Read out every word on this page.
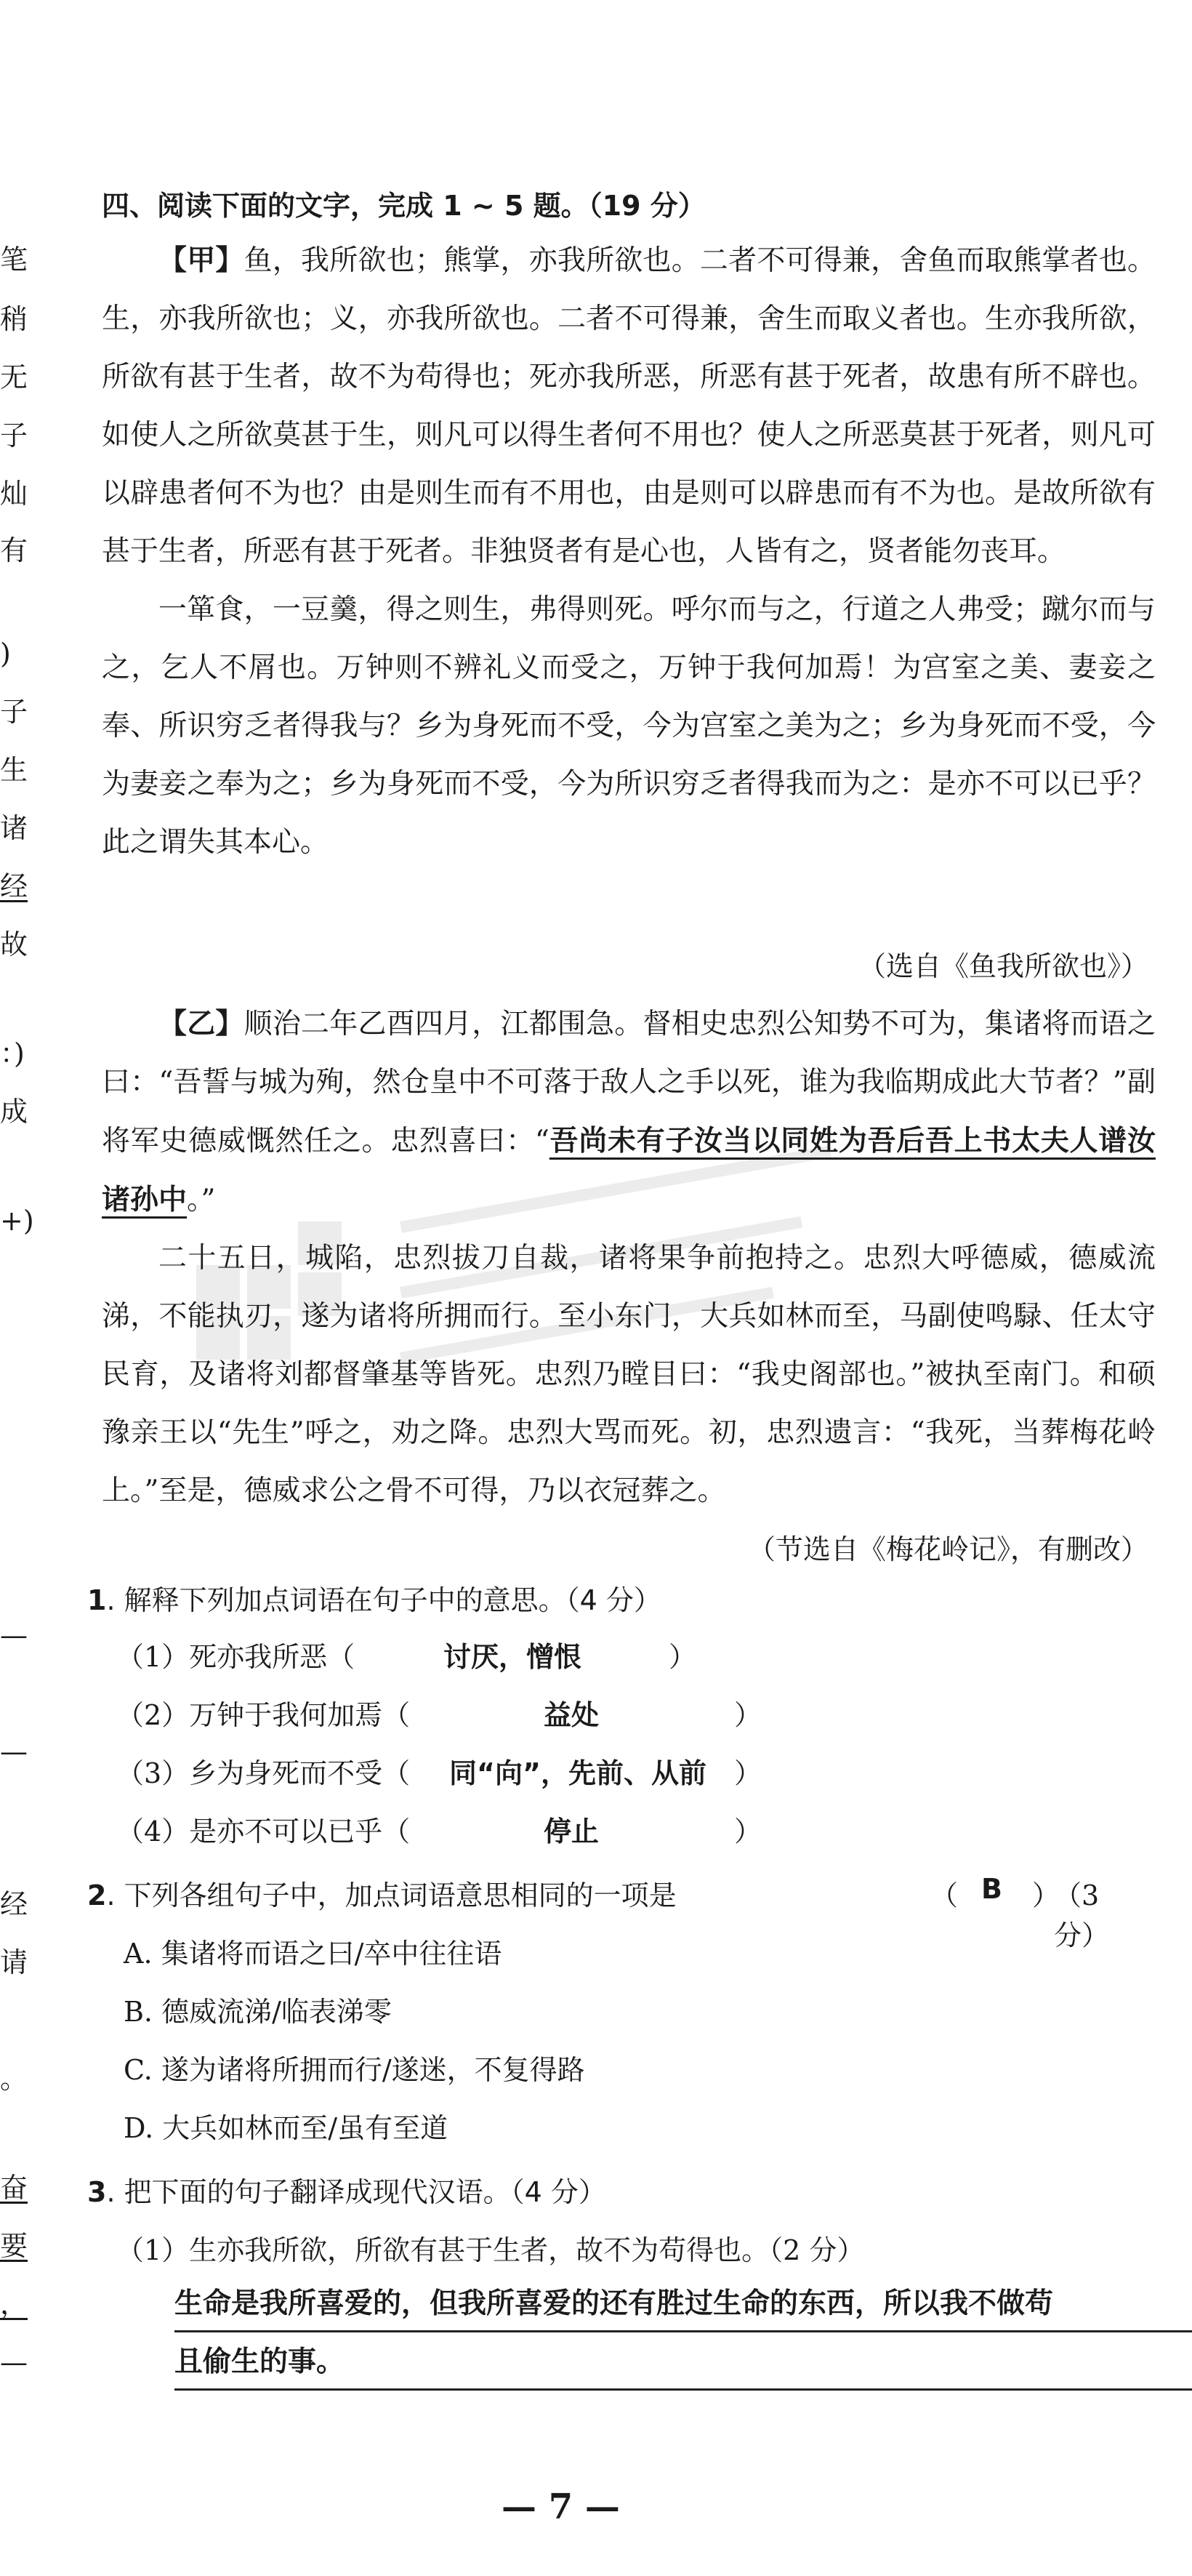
笔
稍
无
子
灿
有
)
子
生
诸
经
故
：)
成
+)
—
—
经
请
。
奋
要
，
—
四、阅读下面的文字，完成 1 ~ 5 题。（19 分）

【甲】鱼，我所欲也；熊掌，亦我所欲也。二者不可得兼，舍鱼而取熊掌者也。生，亦我所欲也；义，亦我所欲也。二者不可得兼，舍生而取义者也。生亦我所欲，所欲有甚于生者，故不为苟得也；死亦我所恶，所恶有甚于死者，故患有所不辟也。如使人之所欲莫甚于生，则凡可以得生者何不用也？使人之所恶莫甚于死者，则凡可以辟患者何不为也？由是则生而有不用也，由是则可以辟患而有不为也。是故所欲有甚于生者，所恶有甚于死者。非独贤者有是心也，人皆有之，贤者能勿丧耳。

一箪食，一豆羹，得之则生，弗得则死。呼尔而与之，行道之人弗受；蹴尔而与之，乞人不屑也。万钟则不辨礼义而受之，万钟于我何加焉！为宫室之美、妻妾之奉、所识穷乏者得我与？乡为身死而不受，今为宫室之美为之；乡为身死而不受，今为妻妾之奉为之；乡为身死而不受，今为所识穷乏者得我而为之：是亦不可以已乎？此之谓失其本心。

（选自《鱼我所欲也》）

【乙】顺治二年乙酉四月，江都围急。督相史忠烈公知势不可为，集诸将而语之曰：“吾誓与城为殉，然仓皇中不可落于敌人之手以死，谁为我临期成此大节者？”副将军史德威慨然任之。忠烈喜曰：“吾尚未有子汝当以同姓为吾后吾上书太夫人谱汝诸孙中。”

二十五日，城陷，忠烈拔刀自裁，诸将果争前抱持之。忠烈大呼德威，德威流涕，不能执刃，遂为诸将所拥而行。至小东门，大兵如林而至，马副使鸣騄、任太守民育，及诸将刘都督肇基等皆死。忠烈乃瞠目曰：“我史阁部也。”被执至南门。和硕豫亲王以“先生”呼之，劝之降。忠烈大骂而死。初，忠烈遗言：“我死，当葬梅花岭上。”至是，德威求公之骨不可得，乃以衣冠葬之。

（节选自《梅花岭记》，有删改）
1. 解释下列加点词语在句子中的意思。（4 分）
（1）死亦我所恶（	讨厌，憎恨	）
（2）万钟于我何加焉（	益处	）
（3）乡为身死而不受（ 同“向”，先前、从前 ）
（4）是亦不可以已乎（	停止	）
2. 下列各组句子中，加点词语意思相同的一项是	（ B ）
（3 分）
A. 集诸将而语之曰/卒中往往语
B. 德威流涕/临表涕零
C. 遂为诸将所拥而行/遂迷，不复得路
D. 大兵如林而至/虽有至道
3. 把下面的句子翻译成现代汉语。（4 分）
（1）生亦我所欲，所欲有甚于生者，故不为苟得也。（2 分）
生命是我所喜爱的，但我所喜爱的还有胜过生命的东西，所以我不做苟
且偷生的事。
— 7 —
